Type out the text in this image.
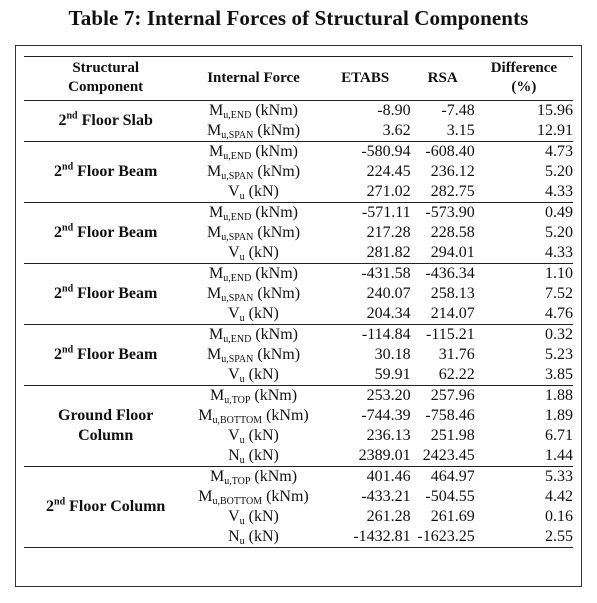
Table 7: Internal Forces of Structural Components
Structural
Component	Internal Force	ETABS	RSA	Difference
(%)
2nd Floor Slab	$M_{u,END}$ (kNm)	-8.90	-7.48	15.96
	$M_{u,SPAN}$ (kNm)	3.62	3.15	12.91
2nd Floor Beam	$M_{u,END}$ (kNm)	-580.94	-608.40	4.73
	$M_{u,SPAN}$ (kNm)	224.45	236.12	5.20
	$V_u$ (kN)	271.02	282.75	4.33
2nd Floor Beam	$M_{u,END}$ (kNm)	-571.11	-573.90	0.49
	$M_{u,SPAN}$ (kNm)	217.28	228.58	5.20
	$V_u$ (kN)	281.82	294.01	4.33
2nd Floor Beam	$M_{u,END}$ (kNm)	-431.58	-436.34	1.10
	$M_{u,SPAN}$ (kNm)	240.07	258.13	7.52
	$V_u$ (kN)	204.34	214.07	4.76
2nd Floor Beam	$M_{u,END}$ (kNm)	-114.84	-115.21	0.32
	$M_{u,SPAN}$ (kNm)	30.18	31.76	5.23
	$V_u$ (kN)	59.91	62.22	3.85
Ground Floor
Column	$M_{u,TOP}$ (kNm)	253.20	257.96	1.88
	$M_{u,BOTTOM}$ (kNm)	-744.39	-758.46	1.89
	$V_u$ (kN)	236.13	251.98	6.71
	$N_u$ (kN)	2389.01	2423.45	1.44
2nd Floor Column	$M_{u,TOP}$ (kNm)	401.46	464.97	5.33
	$M_{u,BOTTOM}$ (kNm)	-433.21	-504.55	4.42
	$V_u$ (kN)	261.28	261.69	0.16
	$N_u$ (kN)	-1432.81	-1623.25	2.55
